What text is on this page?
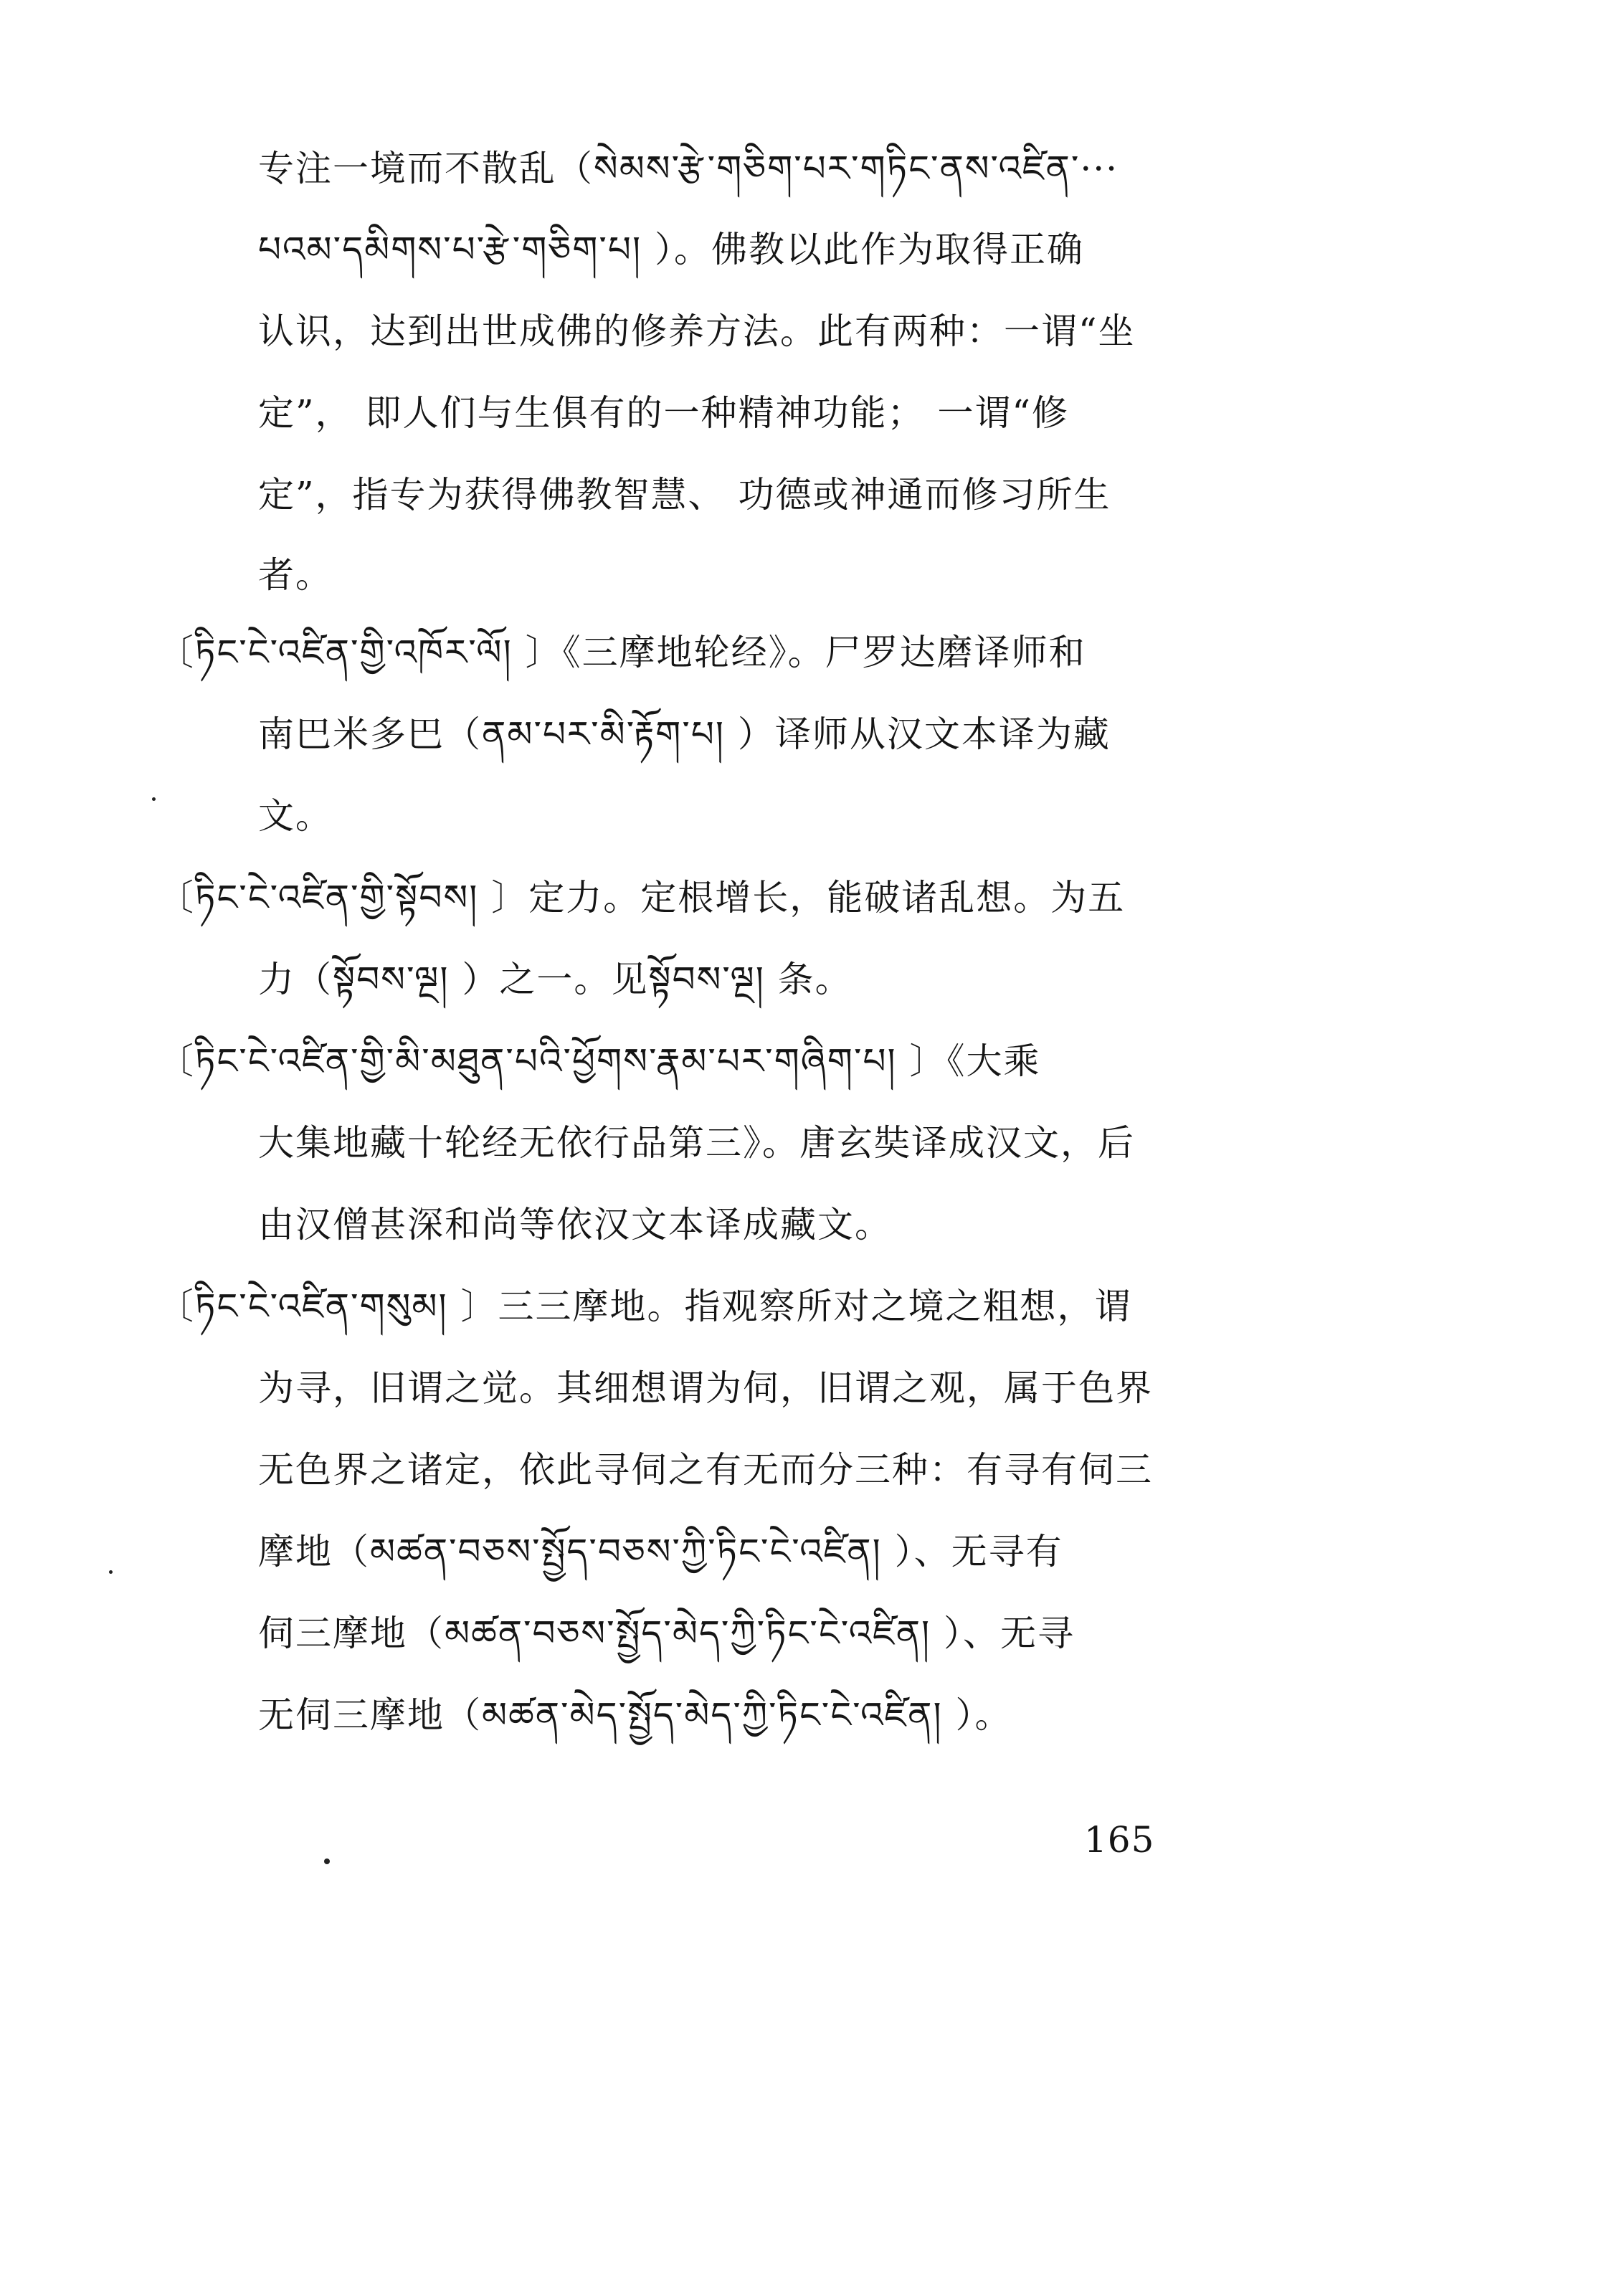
专注一境而不散乱（སེམས་རྩེ་གཅིག་པར་གཏིང་ནས་འཛིན་···
པའམ་དམིགས་པ་རྩེ་གཅིག་པ། ）。佛教以此作为取得正确
认识，达到出世成佛的修养方法。此有两种：一谓“坐
定”， 即人们与生俱有的一种精神功能； 一谓“修
定”，指专为获得佛教智慧、 功德或神通而修习所生
者。
〔ཏིང་ངེ་འཛིན་གྱི་འཁོར་ལོ། 〕《三摩地轮经》。尸罗达磨译师和
南巴米多巴（ནམ་པར་མི་རྟོག་པ། ）译师从汉文本译为藏
文。
〔ཏིང་ངེ་འཛིན་གྱི་སྟོབས། 〕定力。定根增长，能破诸乱想。为五
力（སྟོབས་ལྔ། ）之一。见སྟོབས་ལྔ། 条。
〔ཏིང་ངེ་འཛིན་གྱི་མི་མཐུན་པའི་ཕྱོགས་རྣམ་པར་གཞིག་པ། 〕《大乘
大集地藏十轮经无依行品第三》。唐玄奘译成汉文，后
由汉僧甚深和尚等依汉文本译成藏文。
〔ཏིང་ངེ་འཛིན་གསུམ། 〕三三摩地。指观察所对之境之粗想，谓
为寻，旧谓之觉。其细想谓为伺，旧谓之观，属于色界
无色界之诸定，依此寻伺之有无而分三种：有寻有伺三
摩地（མཚན་བཅས་སྤྱོད་བཅས་ཀྱི་ཏིང་ངེ་འཛིན། ）、无寻有
伺三摩地（མཚན་བཅས་སྤྱོད་མེད་ཀྱི་ཏིང་ངེ་འཛིན། ）、无寻
无伺三摩地（མཚན་མེད་སྤྱོད་མེད་ཀྱི་ཏིང་ངེ་འཛིན། ）。
165
